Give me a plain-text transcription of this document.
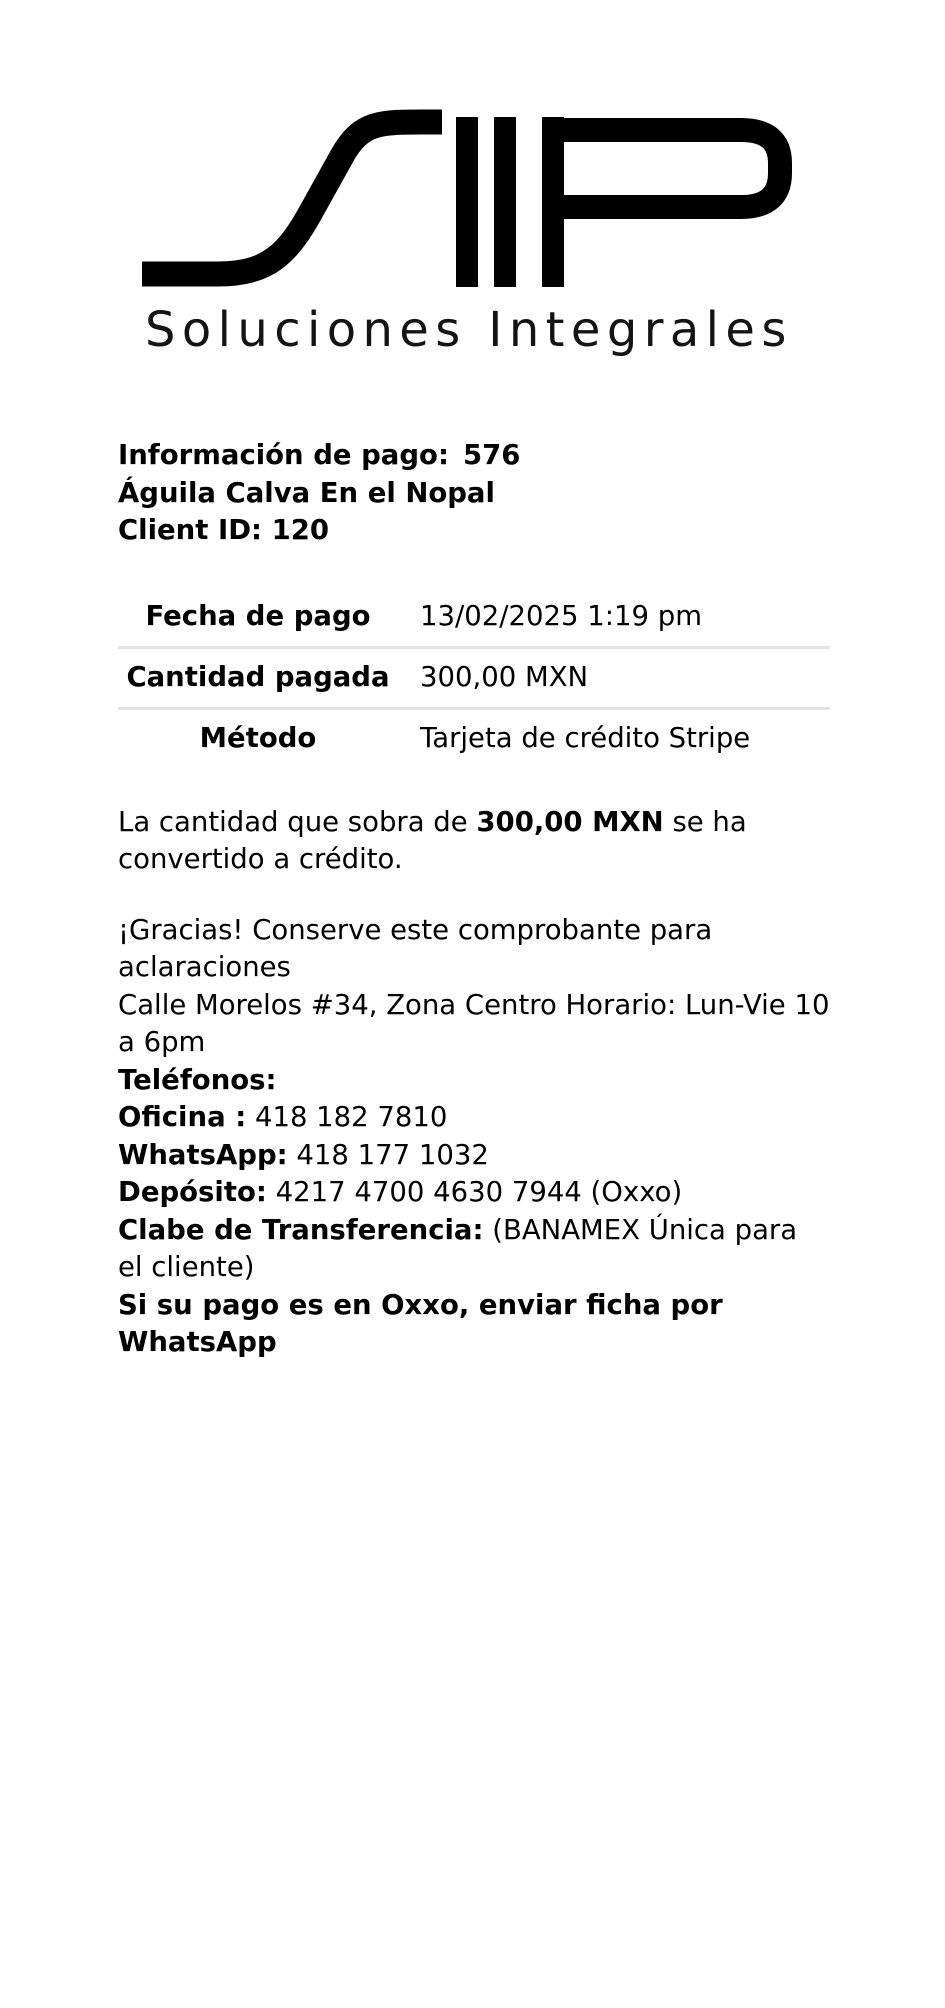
Soluciones Integrales
Información de pago: 576
Águila Calva En el Nopal
Client ID: 120
Fecha de pago	13/02/2025 1:19 pm
Cantidad pagada	300,00 MXN
Método	Tarjeta de crédito Stripe

La cantidad que sobra de 300,00 MXN se ha convertido a crédito.

¡Gracias! Conserve este comprobante para aclaraciones
Calle Morelos #34, Zona Centro Horario: Lun-Vie 10 a 6pm
Teléfonos:
Oficina : 418 182 7810
WhatsApp: 418 177 1032
Depósito: 4217 4700 4630 7944 (Oxxo)
Clabe de Transferencia: (BANAMEX Única para el cliente)
Si su pago es en Oxxo, enviar ficha por WhatsApp
